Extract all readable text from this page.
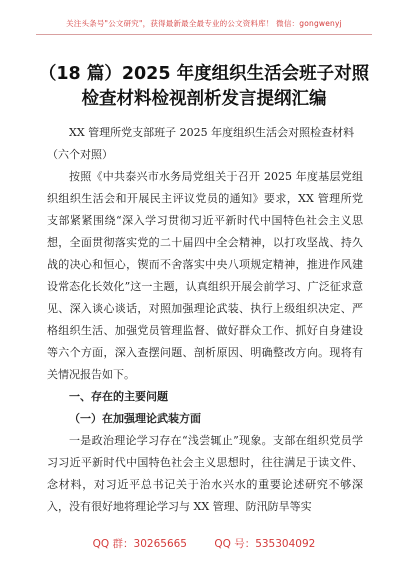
关注头条号"公文研究"，获得最新最全最专业的公文资料库！ 微信：gongwenyj
（18 篇）2025 年度组织生活会班子对照
检查材料检视剖析发言提纲汇编

XX 管理所党支部班子 2025 年度组织生活会对照检查材料（六个对照）

按照《中共泰兴市水务局党组关于召开 2025 年度基层党组织组织生活会和开展民主评议党员的通知》要求，XX 管理所党支部紧紧围绕“深入学习贯彻习近平新时代中国特色社会主义思想，全面贯彻落实党的二十届四中全会精神，以打攻坚战、持久战的决心和恒心，锲而不舍落实中央八项规定精神，推进作风建设常态化长效化”这一主题，认真组织开展会前学习、广泛征求意见、深入谈心谈话，对照加强理论武装、执行上级组织决定、严格组织生活、加强党员管理监督、做好群众工作、抓好自身建设等六个方面，深入查摆问题、剖析原因、明确整改方向。现将有关情况报告如下。

一、存在的主要问题

（一）在加强理论武装方面

一是政治理论学习存在“浅尝辄止”现象。支部在组织党员学习习近平新时代中国特色社会主义思想时，往往满足于读文件、念材料，对习近平总书记关于治水兴水的重要论述研究不够深入，没有很好地将理论学习与 XX 管理、防汛防旱等实

QQ 群：30265665	QQ 号：535304092
